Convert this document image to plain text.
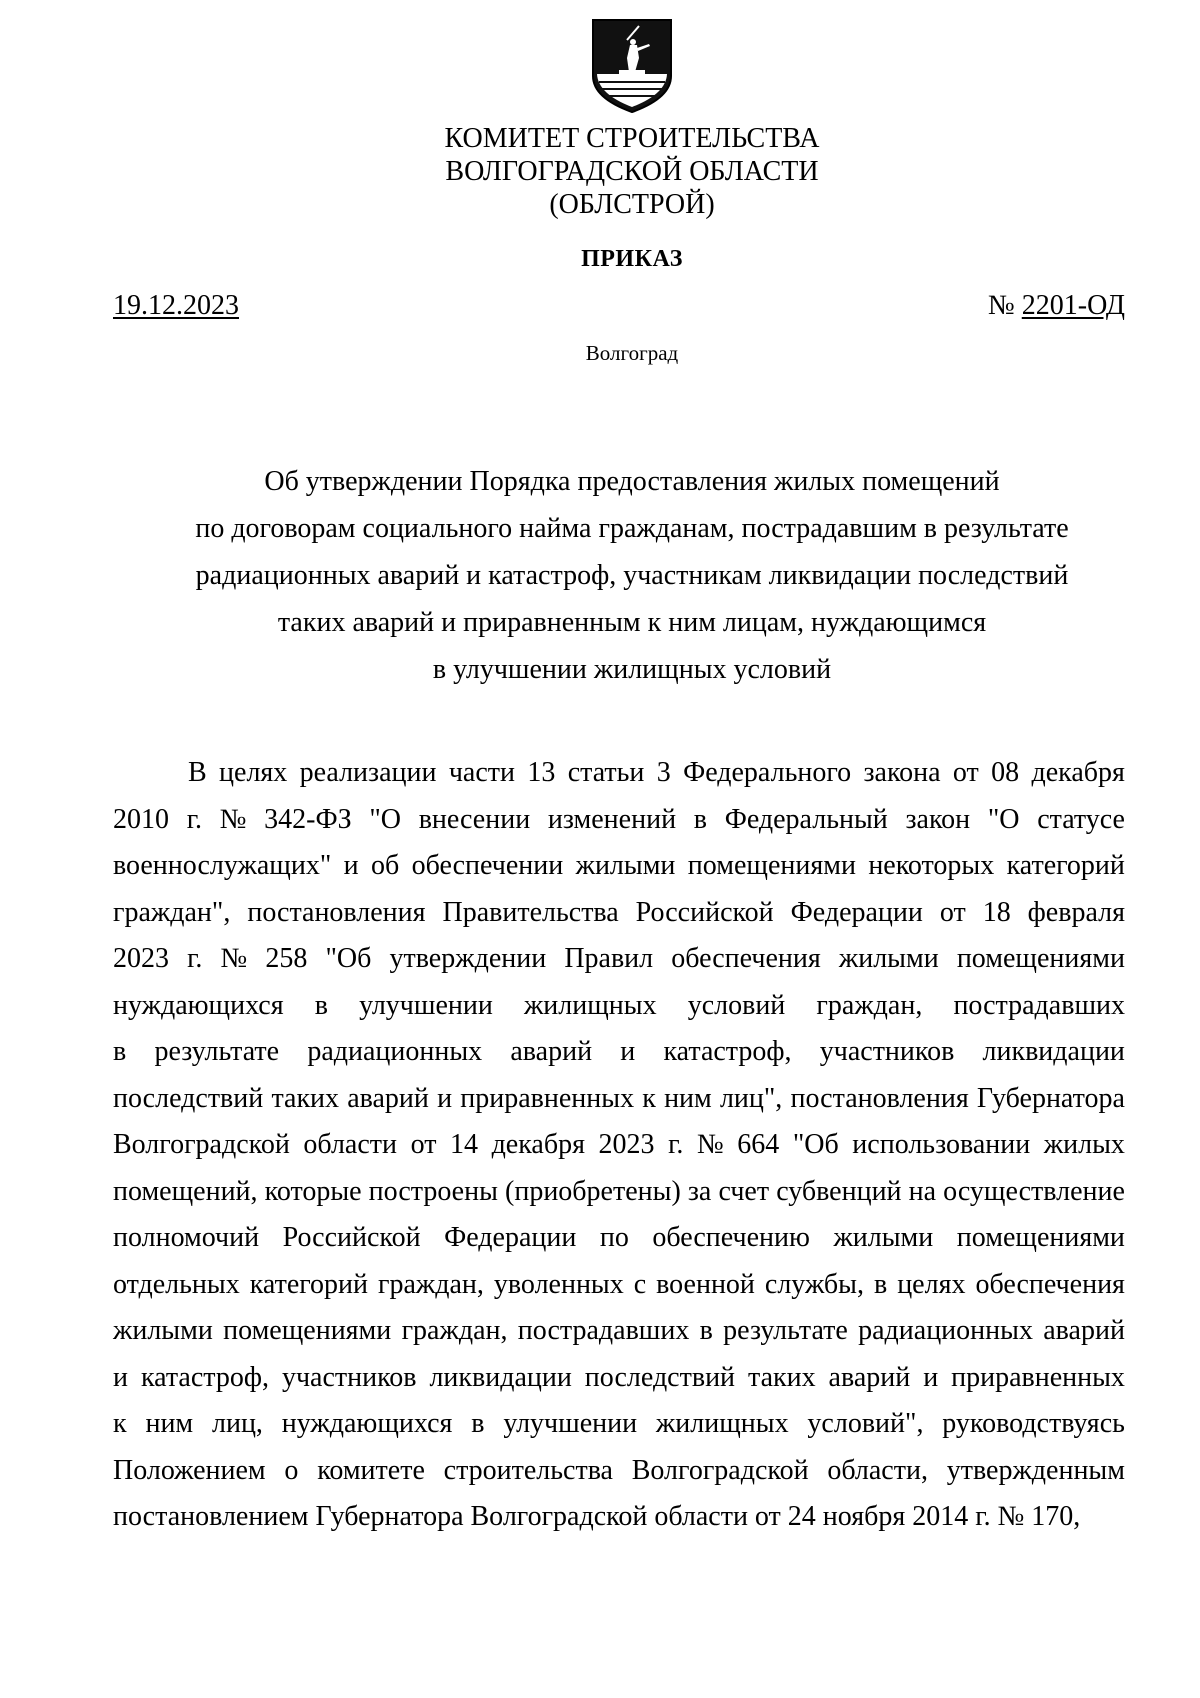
КОМИТЕТ СТРОИТЕЛЬСТВА
ВОЛГОГРАДСКОЙ ОБЛАСТИ
(ОБЛСТРОЙ)
ПРИКАЗ
19.12.2023	№ 2201-ОД
Волгоград
Об утверждении Порядка предоставления жилых помещений
по договорам социального найма гражданам, пострадавшим в результате
радиационных аварий и катастроф, участникам ликвидации последствий
таких аварий и приравненным к ним лицам, нуждающимся
в улучшении жилищных условий
В целях реализации части 13 статьи 3 Федерального закона от 08 декабря
2010 г. № 342-ФЗ "О внесении изменений в Федеральный закон "О статусе
военнослужащих" и об обеспечении жилыми помещениями некоторых категорий
граждан", постановления Правительства Российской Федерации от 18 февраля
2023 г. № 258 "Об утверждении Правил обеспечения жилыми помещениями
нуждающихся в улучшении жилищных условий граждан, пострадавших
в результате радиационных аварий и катастроф, участников ликвидации
последствий таких аварий и приравненных к ним лиц", постановления Губернатора
Волгоградской области от 14 декабря 2023 г. № 664 "Об использовании жилых
помещений, которые построены (приобретены) за счет субвенций на осуществление
полномочий Российской Федерации по обеспечению жилыми помещениями
отдельных категорий граждан, уволенных с военной службы, в целях обеспечения
жилыми помещениями граждан, пострадавших в результате радиационных аварий
и катастроф, участников ликвидации последствий таких аварий и приравненных
к ним лиц, нуждающихся в улучшении жилищных условий", руководствуясь
Положением о комитете строительства Волгоградской области, утвержденным
постановлением Губернатора Волгоградской области от 24 ноября 2014 г. № 170,
